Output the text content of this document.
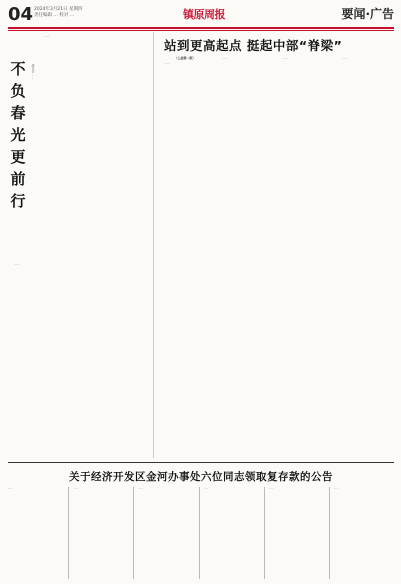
04 2024年3月21日 星期四
责任编辑 … 校对 …	镇原周报	要闻·广告
不
负
春
光
更
前
行
通讯员 ……

……

……

站到更高起点 挺起中部“脊梁”

（上接第一版）

……

……	……	……

关于经济开发区金河办事处六位同志领取复存款的公告
……	……	……	……	……	……
